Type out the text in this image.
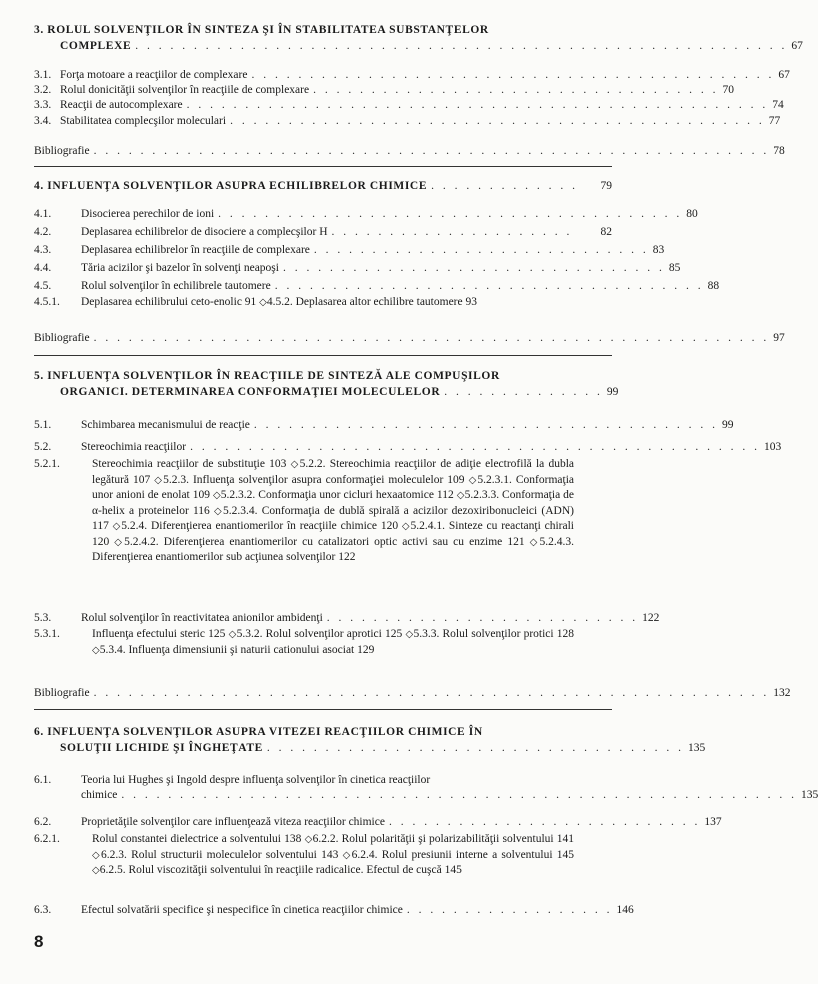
3. ROLUL SOLVENŢILOR ÎN SINTEZA ŞI ÎN STABILITATEA SUBSTANŢELOR
COMPLEXE . . . . . . . . . . . . . . . . . . . . . . . . . . . . . . . . . . . . . . . . . . . . . . . . . . . . . . . . 67
3.1. Forţa motoare a reacţiilor de complexare . . . . . . . . . . . . . . . . . . . . . . . . . . . . . . . . . . . . . . . . . . . . . 67
3.2. Rolul donicităţii solvenţilor în reacţiile de complexare . . . . . . . . . . . . . . . . . . . . . . . . . . . . . . . . . . . 70
3.3. Reacţii de autocomplexare . . . . . . . . . . . . . . . . . . . . . . . . . . . . . . . . . . . . . . . . . . . . . . . . . . 74
3.4. Stabilitatea complecşilor moleculari . . . . . . . . . . . . . . . . . . . . . . . . . . . . . . . . . . . . . . . . . . . . . . 77
Bibliografie . . . . . . . . . . . . . . . . . . . . . . . . . . . . . . . . . . . . . . . . . . . . . . . . . . . . . . . . . . 78
4. INFLUENŢA SOLVENŢILOR ASUPRA ECHILIBRELOR CHIMICE . . . . . . . . . . . . .	79
4.1.	Disocierea perechilor de ioni . . . . . . . . . . . . . . . . . . . . . . . . . . . . . . . . . . . . . . . . 80
4.2.	Deplasarea echilibrelor de disociere a complecşilor H . . . . . . . . . . . . . . . . . . . . .	82
4.3.	Deplasarea echilibrelor în reacţiile de complexare . . . . . . . . . . . . . . . . . . . . . . . . . . . . . 83
4.4.	Tăria acizilor şi bazelor în solvenţi neapoşi . . . . . . . . . . . . . . . . . . . . . . . . . . . . . . . . . 85
4.5.	Rolul solvenţilor în echilibrele tautomere . . . . . . . . . . . . . . . . . . . . . . . . . . . . . . . . . . . . . 88
4.5.1. Deplasarea echilibrului ceto-enolic 91 ◇4.5.2. Deplasarea altor echilibre tautomere 93
Bibliografie . . . . . . . . . . . . . . . . . . . . . . . . . . . . . . . . . . . . . . . . . . . . . . . . . . . . . . . . . . 97
5. INFLUENŢA SOLVENŢILOR ÎN REACŢIILE DE SINTEZĂ ALE COMPUŞILOR
ORGANICI. DETERMINAREA CONFORMAŢIEI MOLECULELOR . . . . . . . . . . . . . . 99
5.1.	Schimbarea mecanismului de reacţie . . . . . . . . . . . . . . . . . . . . . . . . . . . . . . . . . . . . . . . . 99
5.2.	Stereochimia reacţiilor . . . . . . . . . . . . . . . . . . . . . . . . . . . . . . . . . . . . . . . . . . . . . . . . . 103
5.2.1.	Stereochimia reacţiilor de substituţie 103 ◇5.2.2. Stereochimia reacţiilor de adiţie electrofilă la dubla legătură 107 ◇5.2.3. Influenţa solvenţilor asupra conformaţiei moleculelor 109 ◇5.2.3.1. Conformaţia unor anioni de enolat 109 ◇5.2.3.2. Conformaţia unor cicluri hexaatomice 112 ◇5.2.3.3. Conformaţia de α-helix a proteinelor 116 ◇5.2.3.4. Conformaţia de dublă spirală a acizilor dezoxiribonucleici (ADN) 117 ◇5.2.4. Diferenţierea enantiomerilor în reacţiile chimice 120 ◇5.2.4.1. Sinteze cu reactanţi chirali 120 ◇5.2.4.2. Diferenţierea enantiomerilor cu catalizatori optic activi sau cu enzime 121 ◇5.2.4.3. Diferenţierea enantiomerilor sub acţiunea solvenţilor 122
5.3.	Rolul solvenţilor în reactivitatea anionilor ambidenţi . . . . . . . . . . . . . . . . . . . . . . . . . . . 122
5.3.1.	Influenţa efectului steric 125 ◇5.3.2. Rolul solvenţilor aprotici 125 ◇5.3.3. Rolul solvenţilor protici 128 ◇5.3.4. Influenţa dimensiunii şi naturii cationului asociat 129
Bibliografie . . . . . . . . . . . . . . . . . . . . . . . . . . . . . . . . . . . . . . . . . . . . . . . . . . . . . . . . . . 132
6. INFLUENŢA SOLVENŢILOR ASUPRA VITEZEI REACŢIILOR CHIMICE ÎN
SOLUŢII LICHIDE ŞI ÎNGHEŢATE . . . . . . . . . . . . . . . . . . . . . . . . . . . . . . . . . . . . 135
6.1.	Teoria lui Hughes şi Ingold despre influenţa solvenţilor în cinetica reacţiilor
chimice . . . . . . . . . . . . . . . . . . . . . . . . . . . . . . . . . . . . . . . . . . . . . . . . . . . . . . . . . . 135
6.2.	Proprietăţile solvenţilor care influenţează viteza reacţiilor chimice . . . . . . . . . . . . . . . . . . . . . . . . . . . 137
6.2.1.	Rolul constantei dielectrice a solventului 138 ◇6.2.2. Rolul polarităţii şi polarizabilităţii solventului 141 ◇6.2.3. Rolul structurii moleculelor solventului 143 ◇6.2.4. Rolul presiunii interne a solventului 145 ◇6.2.5. Rolul viscozităţii solventului în reacţiile radicalice. Efectul de cuşcă 145
6.3.	Efectul solvatării specifice şi nespecifice în cinetica reacţiilor chimice . . . . . . . . . . . . . . . . . . 146
8
